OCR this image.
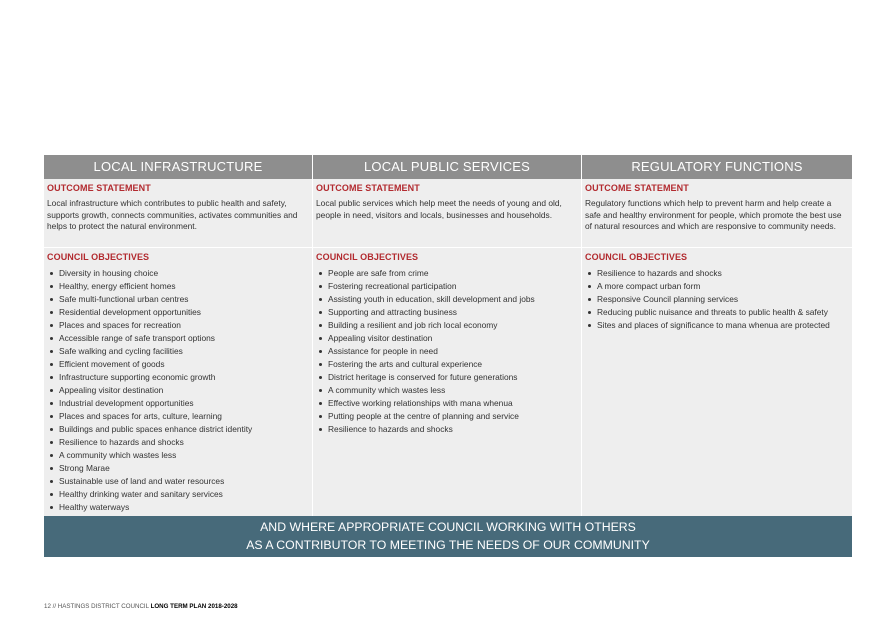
LOCAL INFRASTRUCTURE	LOCAL PUBLIC SERVICES	REGULATORY FUNCTIONS
OUTCOME STATEMENT
Local infrastructure which contributes to public health and safety, supports growth, connects communities, activates communities and helps to protect the natural environment.
OUTCOME STATEMENT
Local public services which help meet the needs of young and old, people in need, visitors and locals, businesses and households.
OUTCOME STATEMENT
Regulatory functions which help to prevent harm and help create a safe and healthy environment for people, which promote the best use of natural resources and which are responsive to community needs.
COUNCIL OBJECTIVES
Diversity in housing choice
Healthy, energy efficient homes
Safe multi-functional urban centres
Residential development opportunities
Places and spaces for recreation
Accessible range of safe transport options
Safe walking and cycling facilities
Efficient movement of goods
Infrastructure supporting economic growth
Appealing visitor destination
Industrial development opportunities
Places and spaces for arts, culture, learning
Buildings and public spaces enhance district identity
Resilience to hazards and shocks
A community which wastes less
Strong Marae
Sustainable use of land and water resources
Healthy drinking water and sanitary services
Healthy waterways
COUNCIL OBJECTIVES
People are safe from crime
Fostering recreational participation
Assisting youth in education, skill development and jobs
Supporting and attracting business
Building a resilient and job rich local economy
Appealing visitor destination
Assistance for people in need
Fostering the arts and cultural experience
District heritage is conserved for future generations
A community which wastes less
Effective working relationships with mana whenua
Putting people at the centre of planning and service
Resilience to hazards and shocks
COUNCIL OBJECTIVES
Resilience to hazards and shocks
A more compact urban form
Responsive Council planning services
Reducing public nuisance and threats to public health & safety
Sites and places of significance to mana whenua are protected
AND WHERE APPROPRIATE COUNCIL WORKING WITH OTHERS
AS A CONTRIBUTOR TO MEETING THE NEEDS OF OUR COMMUNITY
12 // HASTINGS DISTRICT COUNCIL LONG TERM PLAN 2018-2028
